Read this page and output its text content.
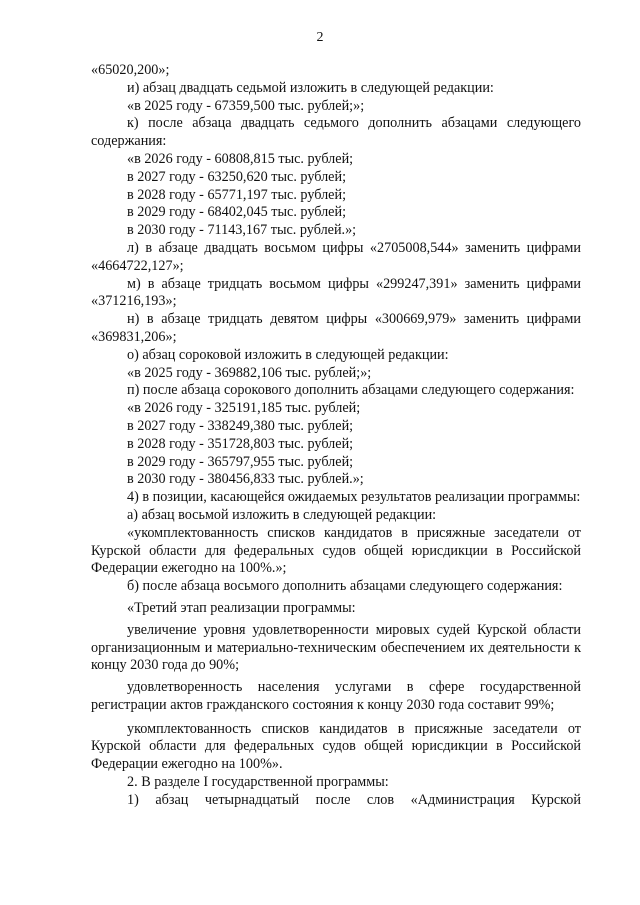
2

«65020,200»;

и) абзац двадцать седьмой изложить в следующей редакции:

«в 2025 году - 67359,500 тыс. рублей;»;

к) после абзаца двадцать седьмого дополнить абзацами следующего содержания:

«в 2026 году - 60808,815 тыс. рублей;

в 2027 году - 63250,620 тыс. рублей;

в 2028 году - 65771,197 тыс. рублей;

в 2029 году - 68402,045 тыс. рублей;

в 2030 году - 71143,167 тыс. рублей.»;

л) в абзаце двадцать восьмом цифры «2705008,544» заменить цифрами «4664722,127»;

м) в абзаце тридцать восьмом цифры «299247,391» заменить цифрами «371216,193»;

н) в абзаце тридцать девятом цифры «300669,979» заменить цифрами «369831,206»;

о) абзац сороковой изложить в следующей редакции:

«в 2025 году - 369882,106 тыс. рублей;»;

п) после абзаца сорокового дополнить абзацами следующего содержания:

«в 2026 году - 325191,185 тыс. рублей;

в 2027 году - 338249,380 тыс. рублей;

в 2028 году - 351728,803 тыс. рублей;

в 2029 году - 365797,955 тыс. рублей;

в 2030 году - 380456,833 тыс. рублей.»;

4) в позиции, касающейся ожидаемых результатов реализации программы:

а) абзац восьмой изложить в следующей редакции:

«укомплектованность списков кандидатов в присяжные заседатели от Курской области для федеральных судов общей юрисдикции в Российской Федерации ежегодно на 100%.»;

б) после абзаца восьмого дополнить абзацами следующего содержания:

«Третий этап реализации программы:

увеличение уровня удовлетворенности мировых судей Курской области организационным и материально-техническим обеспечением их деятельности к концу 2030 года до 90%;

удовлетворенность населения услугами в сфере государственной регистрации актов гражданского состояния к концу 2030 года составит 99%;

укомплектованность списков кандидатов в присяжные заседатели от Курской области для федеральных судов общей юрисдикции в Российской Федерации ежегодно на 100%».

2. В разделе I государственной программы:

1) абзац четырнадцатый после слов «Администрация Курской
